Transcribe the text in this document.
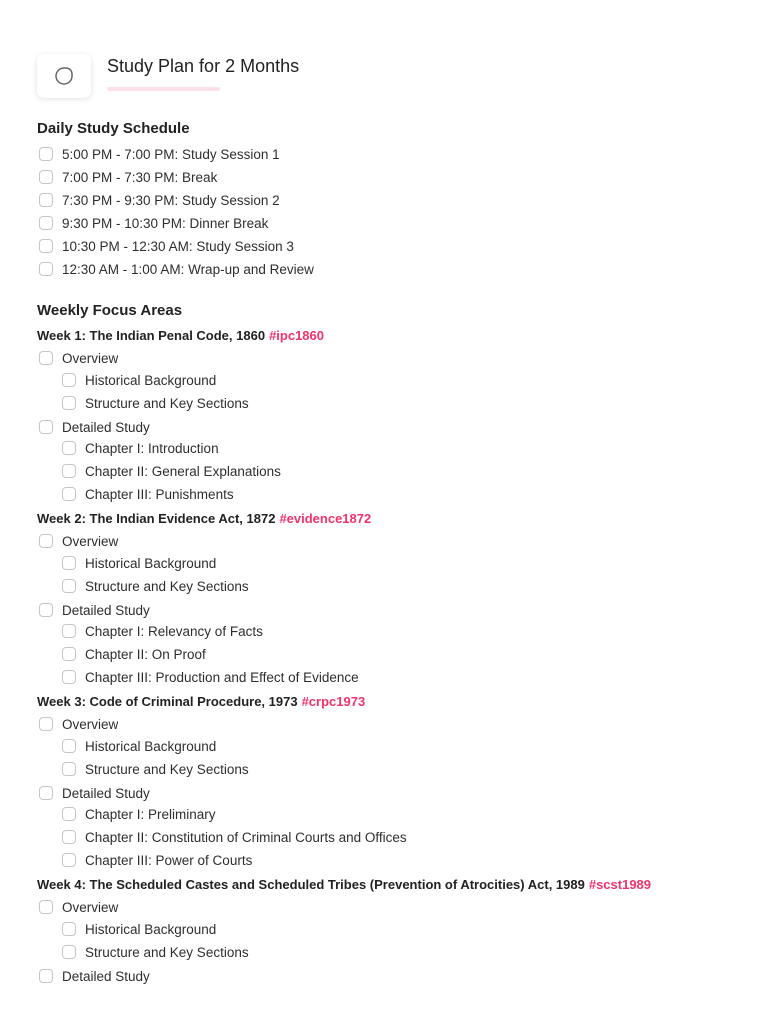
Study Plan for 2 Months
Daily Study Schedule
5:00 PM - 7:00 PM: Study Session 1
7:00 PM - 7:30 PM: Break
7:30 PM - 9:30 PM: Study Session 2
9:30 PM - 10:30 PM: Dinner Break
10:30 PM - 12:30 AM: Study Session 3
12:30 AM - 1:00 AM: Wrap-up and Review
Weekly Focus Areas
Week 1: The Indian Penal Code, 1860 #ipc1860
Overview
Historical Background
Structure and Key Sections
Detailed Study
Chapter I: Introduction
Chapter II: General Explanations
Chapter III: Punishments
Week 2: The Indian Evidence Act, 1872 #evidence1872
Overview
Historical Background
Structure and Key Sections
Detailed Study
Chapter I: Relevancy of Facts
Chapter II: On Proof
Chapter III: Production and Effect of Evidence
Week 3: Code of Criminal Procedure, 1973 #crpc1973
Overview
Historical Background
Structure and Key Sections
Detailed Study
Chapter I: Preliminary
Chapter II: Constitution of Criminal Courts and Offices
Chapter III: Power of Courts
Week 4: The Scheduled Castes and Scheduled Tribes (Prevention of Atrocities) Act, 1989 #scst1989
Overview
Historical Background
Structure and Key Sections
Detailed Study
